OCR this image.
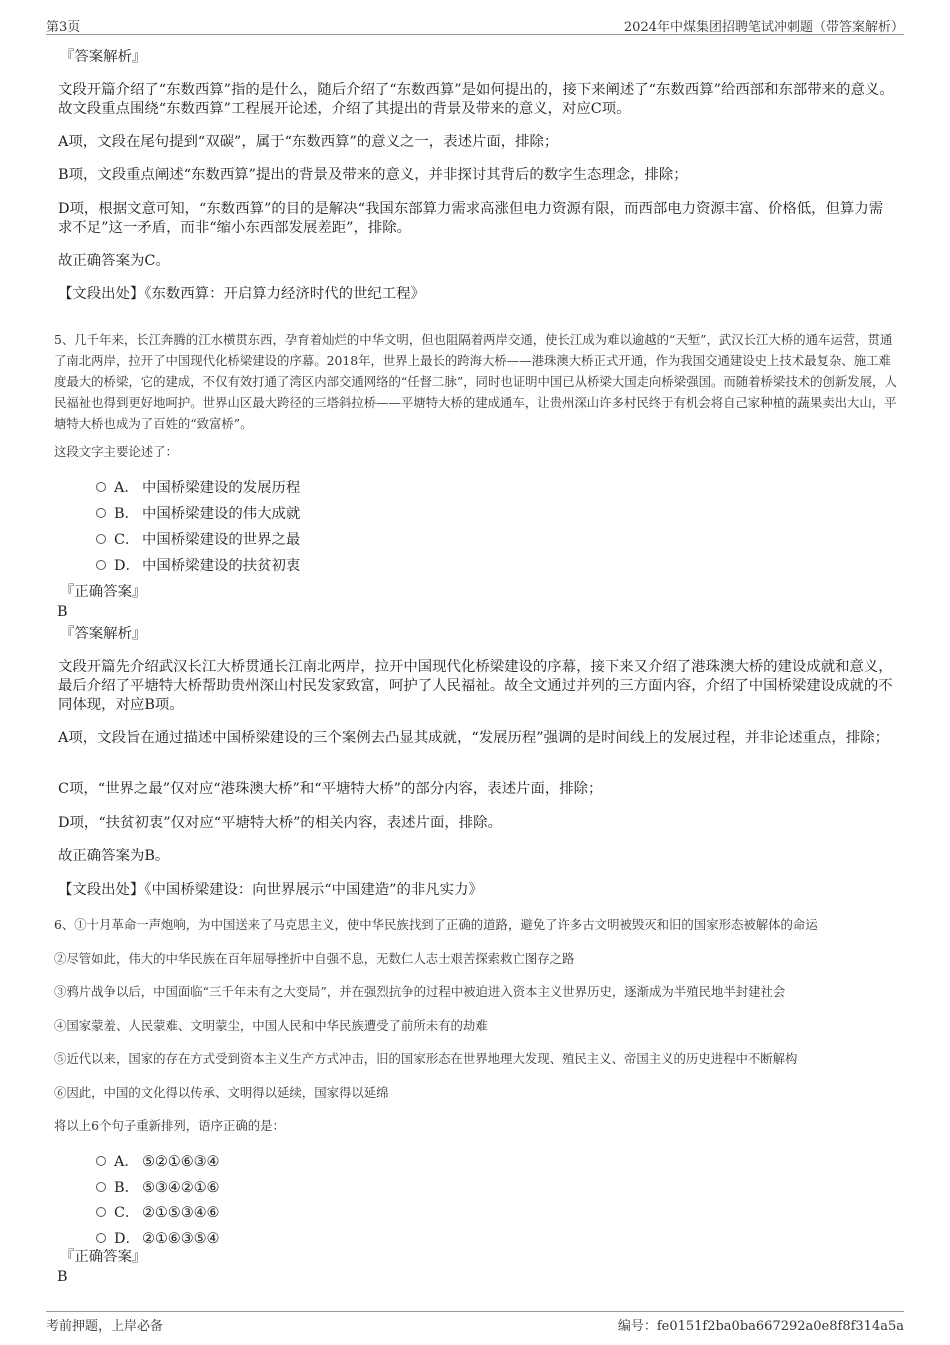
第3页	2024年中煤集团招聘笔试冲刺题（带答案解析）
『答案解析』
文段开篇介绍了“东数西算”指的是什么，随后介绍了“东数西算”是如何提出的，接下来阐述了“东数西算”给西部和东部带来的意义。故文段重点围绕“东数西算”工程展开论述，介绍了其提出的背景及带来的意义，对应C项。
A项，文段在尾句提到“双碳”，属于“东数西算”的意义之一，表述片面，排除；
B项，文段重点阐述“东数西算”提出的背景及带来的意义，并非探讨其背后的数字生态理念，排除；
D项，根据文意可知，“东数西算”的目的是解决“我国东部算力需求高涨但电力资源有限，而西部电力资源丰富、价格低，但算力需求不足”这一矛盾，而非“缩小东西部发展差距”，排除。
故正确答案为C。
【文段出处】《东数西算：开启算力经济时代的世纪工程》
5、几千年来，长江奔腾的江水横贯东西，孕育着灿烂的中华文明，但也阻隔着两岸交通，使长江成为难以逾越的“天堑”，武汉长江大桥的通车运营，贯通了南北两岸，拉开了中国现代化桥梁建设的序幕。2018年，世界上最长的跨海大桥——港珠澳大桥正式开通，作为我国交通建设史上技术最复杂、施工难度最大的桥梁，它的建成，不仅有效打通了湾区内部交通网络的“任督二脉”，同时也证明中国已从桥梁大国走向桥梁强国。而随着桥梁技术的创新发展，人民福祉也得到更好地呵护。世界山区最大跨径的三塔斜拉桥——平塘特大桥的建成通车，让贵州深山许多村民终于有机会将自己家种植的蔬果卖出大山，平塘特大桥也成为了百姓的“致富桥”。
这段文字主要论述了：
A． 中国桥梁建设的发展历程
B． 中国桥梁建设的伟大成就
C． 中国桥梁建设的世界之最
D． 中国桥梁建设的扶贫初衷
『正确答案』
B
『答案解析』
文段开篇先介绍武汉长江大桥贯通长江南北两岸，拉开中国现代化桥梁建设的序幕，接下来又介绍了港珠澳大桥的建设成就和意义，最后介绍了平塘特大桥帮助贵州深山村民发家致富，呵护了人民福祉。故全文通过并列的三方面内容，介绍了中国桥梁建设成就的不同体现，对应B项。
A项，文段旨在通过描述中国桥梁建设的三个案例去凸显其成就，“发展历程”强调的是时间线上的发展过程，并非论述重点，排除；
C项，“世界之最”仅对应“港珠澳大桥”和“平塘特大桥”的部分内容，表述片面，排除；
D项，“扶贫初衷”仅对应“平塘特大桥”的相关内容，表述片面，排除。
故正确答案为B。
【文段出处】《中国桥梁建设：向世界展示“中国建造”的非凡实力》
6、①十月革命一声炮响，为中国送来了马克思主义，使中华民族找到了正确的道路，避免了许多古文明被毁灭和旧的国家形态被解体的命运
②尽管如此，伟大的中华民族在百年屈辱挫折中自强不息，无数仁人志士艰苦探索救亡图存之路
③鸦片战争以后，中国面临“三千年未有之大变局”，并在强烈抗争的过程中被迫进入资本主义世界历史，逐渐成为半殖民地半封建社会
④国家蒙羞、人民蒙难、文明蒙尘，中国人民和中华民族遭受了前所未有的劫难
⑤近代以来，国家的存在方式受到资本主义生产方式冲击，旧的国家形态在世界地理大发现、殖民主义、帝国主义的历史进程中不断解构
⑥因此，中国的文化得以传承、文明得以延续，国家得以延绵
将以上6个句子重新排列，语序正确的是：
A． ⑤②①⑥③④
B． ⑤③④②①⑥
C． ②①⑤③④⑥
D． ②①⑥③⑤④
『正确答案』
B
考前押题，上岸必备	编号：fe0151f2ba0ba667292a0e8f8f314a5a
